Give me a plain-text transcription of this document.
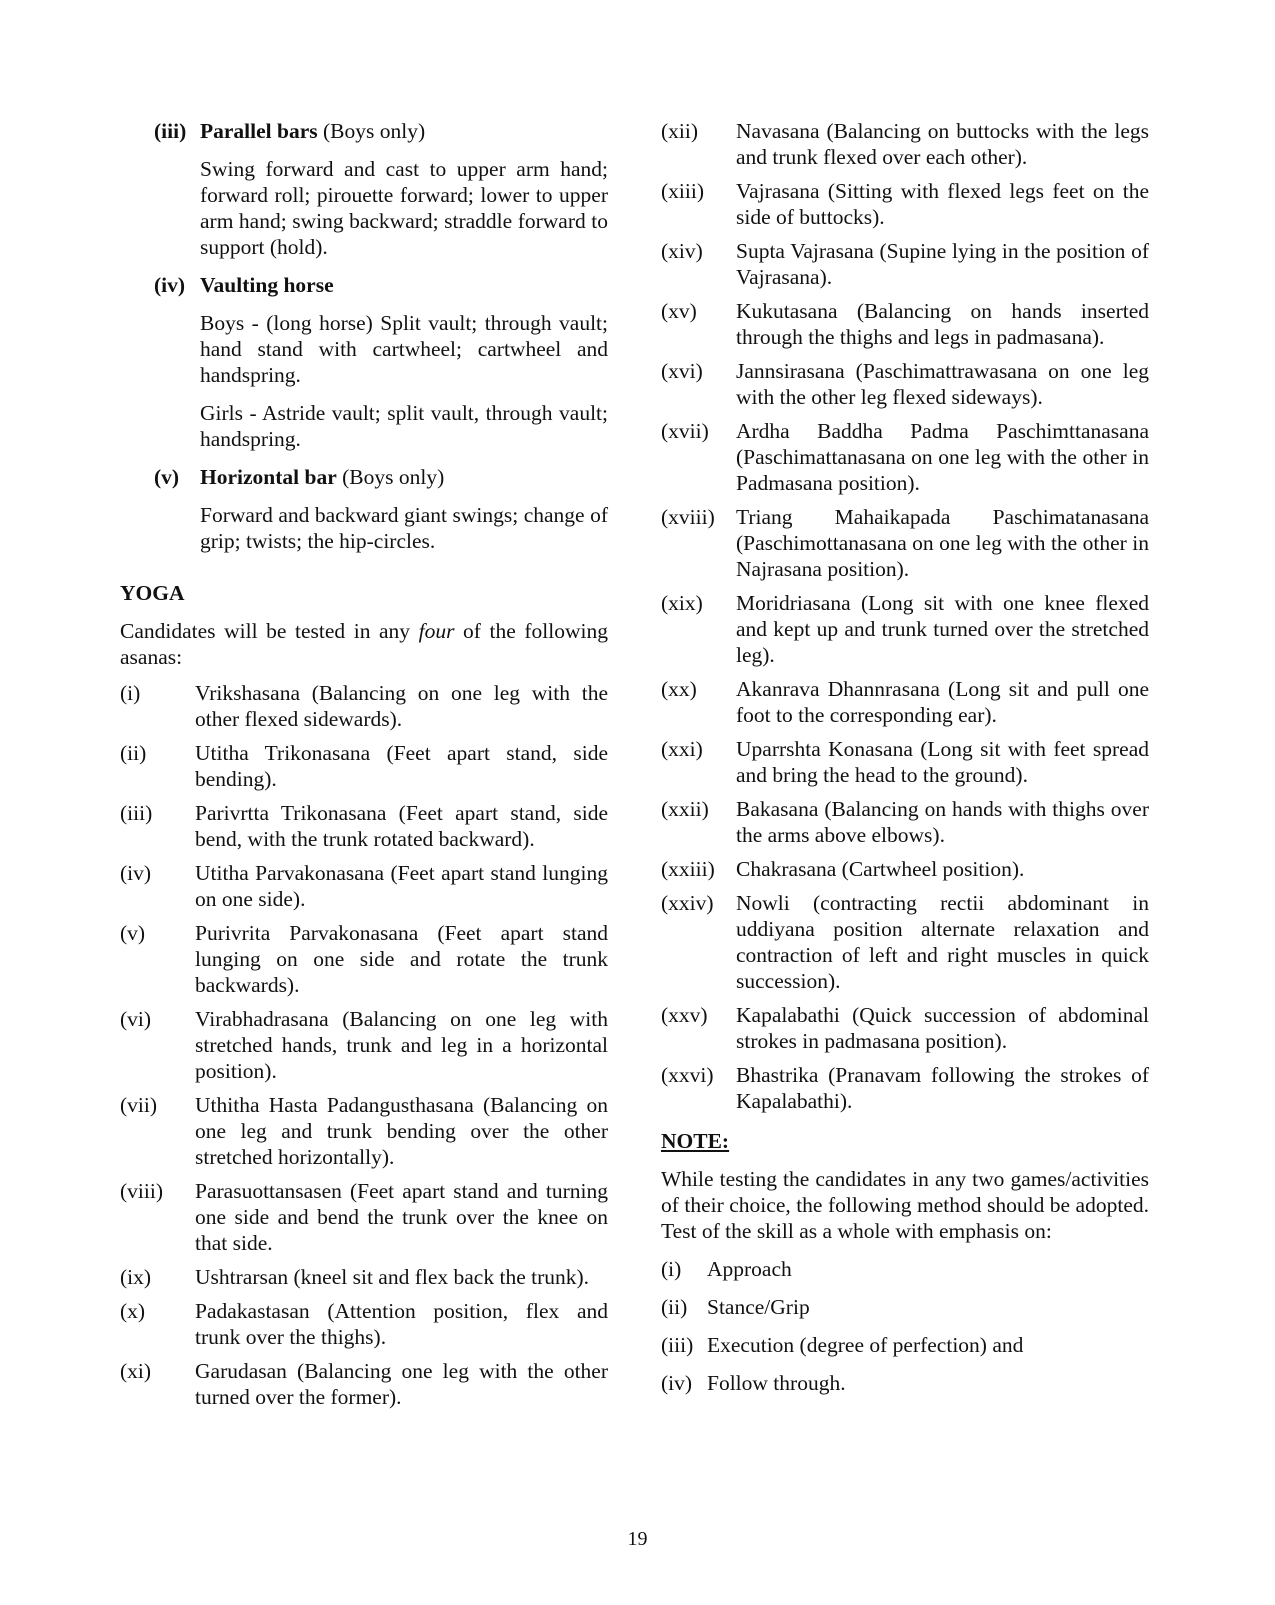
(iii) Parallel bars (Boys only)

Swing forward and cast to upper arm hand; forward roll; pirouette forward; lower to upper arm hand; swing backward; straddle forward to support (hold).

(iv) Vaulting horse

Boys - (long horse) Split vault; through vault; hand stand with cartwheel; cartwheel and handspring.

Girls - Astride vault; split vault, through vault; handspring.

(v) Horizontal bar (Boys only)

Forward and backward giant swings; change of grip; twists; the hip-circles.

YOGA

Candidates will be tested in any four of the following asanas:

(i)	Vrikshasana (Balancing on one leg with the other flexed sidewards).
(ii)	Utitha Trikonasana (Feet apart stand, side bending).
(iii)	Parivrtta Trikonasana (Feet apart stand, side bend, with the trunk rotated backward).
(iv)	Utitha Parvakonasana (Feet apart stand lunging on one side).
(v)	Purivrita Parvakonasana (Feet apart stand lunging on one side and rotate the trunk backwards).
(vi)	Virabhadrasana (Balancing on one leg with stretched hands, trunk and leg in a horizontal position).
(vii)	Uthitha Hasta Padangusthasana (Balancing on one leg and trunk bending over the other stretched horizontally).
(viii)	Parasuottansasen (Feet apart stand and turning one side and bend the trunk over the knee on that side.
(ix)	Ushtrarsan (kneel sit and flex back the trunk).
(x)	Padakastasan (Attention position, flex and trunk over the thighs).
(xi)	Garudasan (Balancing one leg with the other turned over the former).
(xii)	Navasana (Balancing on buttocks with the legs and trunk flexed over each other).
(xiii)	Vajrasana (Sitting with flexed legs feet on the side of buttocks).
(xiv)	Supta Vajrasana (Supine lying in the position of Vajrasana).
(xv)	Kukutasana (Balancing on hands inserted through the thighs and legs in padmasana).
(xvi)	Jannsirasana (Paschimattrawasana on one leg with the other leg flexed sideways).
(xvii)	Ardha Baddha Padma Paschimttanasana (Paschimattanasana on one leg with the other in Padmasana position).
(xviii) Triang Mahaikapada Paschimatanasana (Paschimottanasana on one leg with the other in Najrasana position).
(xix)	Moridriasana (Long sit with one knee flexed and kept up and trunk turned over the stretched leg).
(xx)	Akanrava Dhannrasana (Long sit and pull one foot to the corresponding ear).
(xxi)	Uparrshta Konasana (Long sit with feet spread and bring the head to the ground).
(xxii)	Bakasana (Balancing on hands with thighs over the arms above elbows).
(xxiii) Chakrasana (Cartwheel position).
(xxiv)	Nowli (contracting rectii abdominant in uddiyana position alternate relaxation and contraction of left and right muscles in quick succession).
(xxv)	Kapalabathi (Quick succession of abdominal strokes in padmasana position).
(xxvi)	Bhastrika (Pranavam following the strokes of Kapalabathi).

NOTE:

While testing the candidates in any two games/activities of their choice, the following method should be adopted. Test of the skill as a whole with emphasis on:

(i)	Approach
(ii) Stance/Grip
(iii) Execution (degree of perfection) and
(iv) Follow through.
19
